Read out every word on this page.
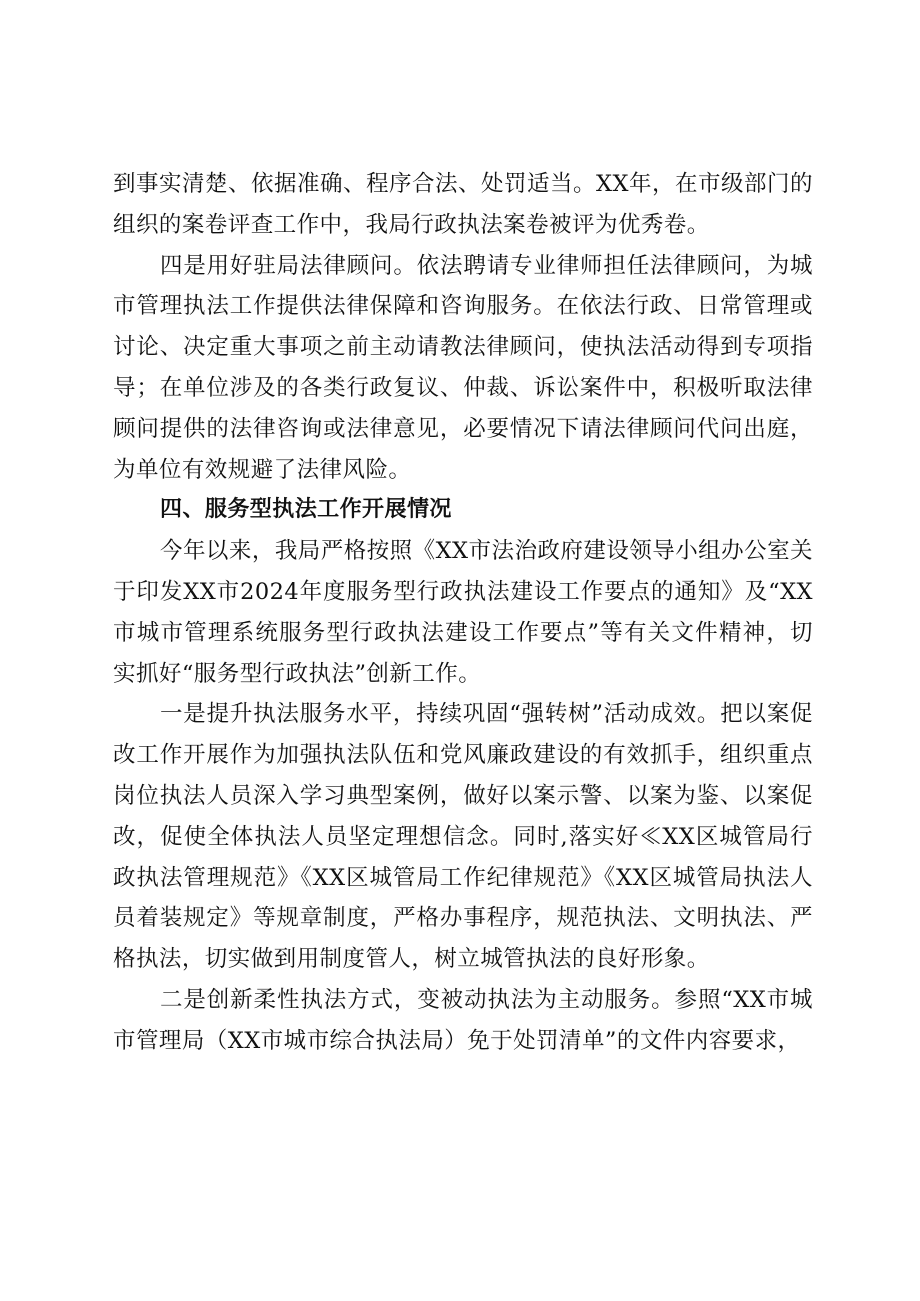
到事实清楚、依据准确、程序合法、处罚适当。XX年，在市级部门的组织的案卷评查工作中，我局行政执法案卷被评为优秀卷。

四是用好驻局法律顾问。依法聘请专业律师担任法律顾问，为城市管理执法工作提供法律保障和咨询服务。在依法行政、日常管理或讨论、决定重大事项之前主动请教法律顾问，使执法活动得到专项指导；在单位涉及的各类行政复议、仲裁、诉讼案件中，积极听取法律顾问提供的法律咨询或法律意见，必要情况下请法律顾问代问出庭，为单位有效规避了法律风险。

四、服务型执法工作开展情况

今年以来，我局严格按照《XX市法治政府建设领导小组办公室关于印发XX市2024年度服务型行政执法建设工作要点的通知》及“XX市城市管理系统服务型行政执法建设工作要点”等有关文件精神，切实抓好“服务型行政执法”创新工作。

一是提升执法服务水平，持续巩固“强转树”活动成效。把以案促改工作开展作为加强执法队伍和党风廉政建设的有效抓手，组织重点岗位执法人员深入学习典型案例，做好以案示警、以案为鉴、以案促改，促使全体执法人员坚定理想信念。同时,落实好≪XX区城管局行政执法管理规范》《XX区城管局工作纪律规范》《XX区城管局执法人员着装规定》等规章制度，严格办事程序，规范执法、文明执法、严格执法，切实做到用制度管人，树立城管执法的良好形象。

二是创新柔性执法方式，变被动执法为主动服务。参照“XX市城市管理局（XX市城市综合执法局）免于处罚清单”的文件内容要求，
